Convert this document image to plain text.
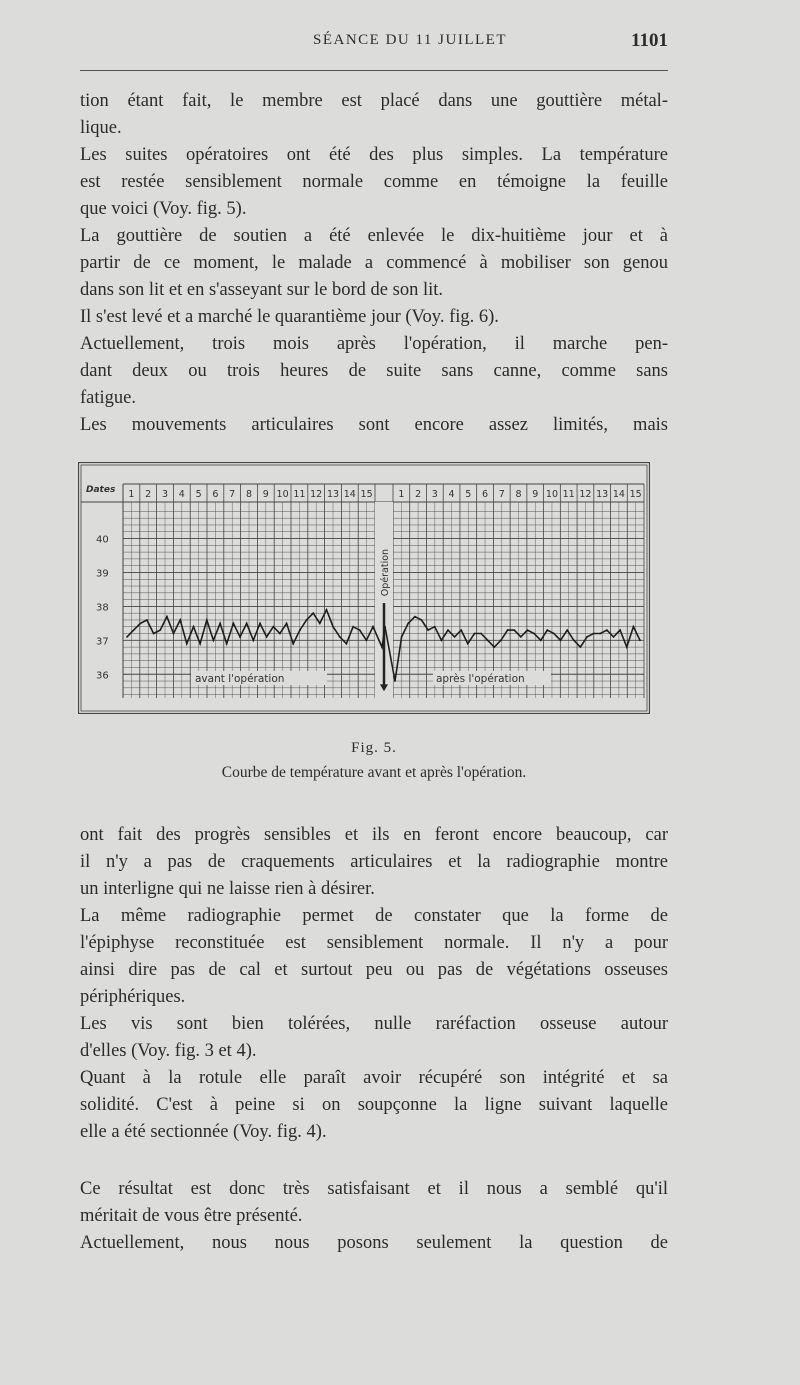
SÉANCE DU 11 JUILLET	1101
tion étant fait, le membre est placé dans une gouttière métal-
lique.
Les suites opératoires ont été des plus simples. La température
est restée sensiblement normale comme en témoigne la feuille
que voici (Voy. fig. 5).
La gouttière de soutien a été enlevée le dix-huitième jour et à
partir de ce moment, le malade a commencé à mobiliser son genou
dans son lit et en s'asseyant sur le bord de son lit.
Il s'est levé et a marché le quarantième jour (Voy. fig. 6).
Actuellement, trois mois après l'opération, il marche pen-
dant deux ou trois heures de suite sans canne, comme sans
fatigue.
Les mouvements articulaires sont encore assez limités, mais
Dates 1 2 3 4 5 6 7 8 9 10 11 12 13 14 15	1 2 3 4 5 6 7 8 9 10 11 12 13 14 15
40
39
38
37
36
Opération
avant l'opération	après l'opération
Fig. 5.
Courbe de température avant et après l'opération.
ont fait des progrès sensibles et ils en feront encore beaucoup, car
il n'y a pas de craquements articulaires et la radiographie montre
un interligne qui ne laisse rien à désirer.
La même radiographie permet de constater que la forme de
l'épiphyse reconstituée est sensiblement normale. Il n'y a pour
ainsi dire pas de cal et surtout peu ou pas de végétations osseuses
périphériques.
Les vis sont bien tolérées, nulle raréfaction osseuse autour
d'elles (Voy. fig. 3 et 4).
Quant à la rotule elle paraît avoir récupéré son intégrité et sa
solidité. C'est à peine si on soupçonne la ligne suivant laquelle
elle a été sectionnée (Voy. fig. 4).
Ce résultat est donc très satisfaisant et il nous a semblé qu'il
méritait de vous être présenté.
Actuellement, nous nous posons seulement la question de
